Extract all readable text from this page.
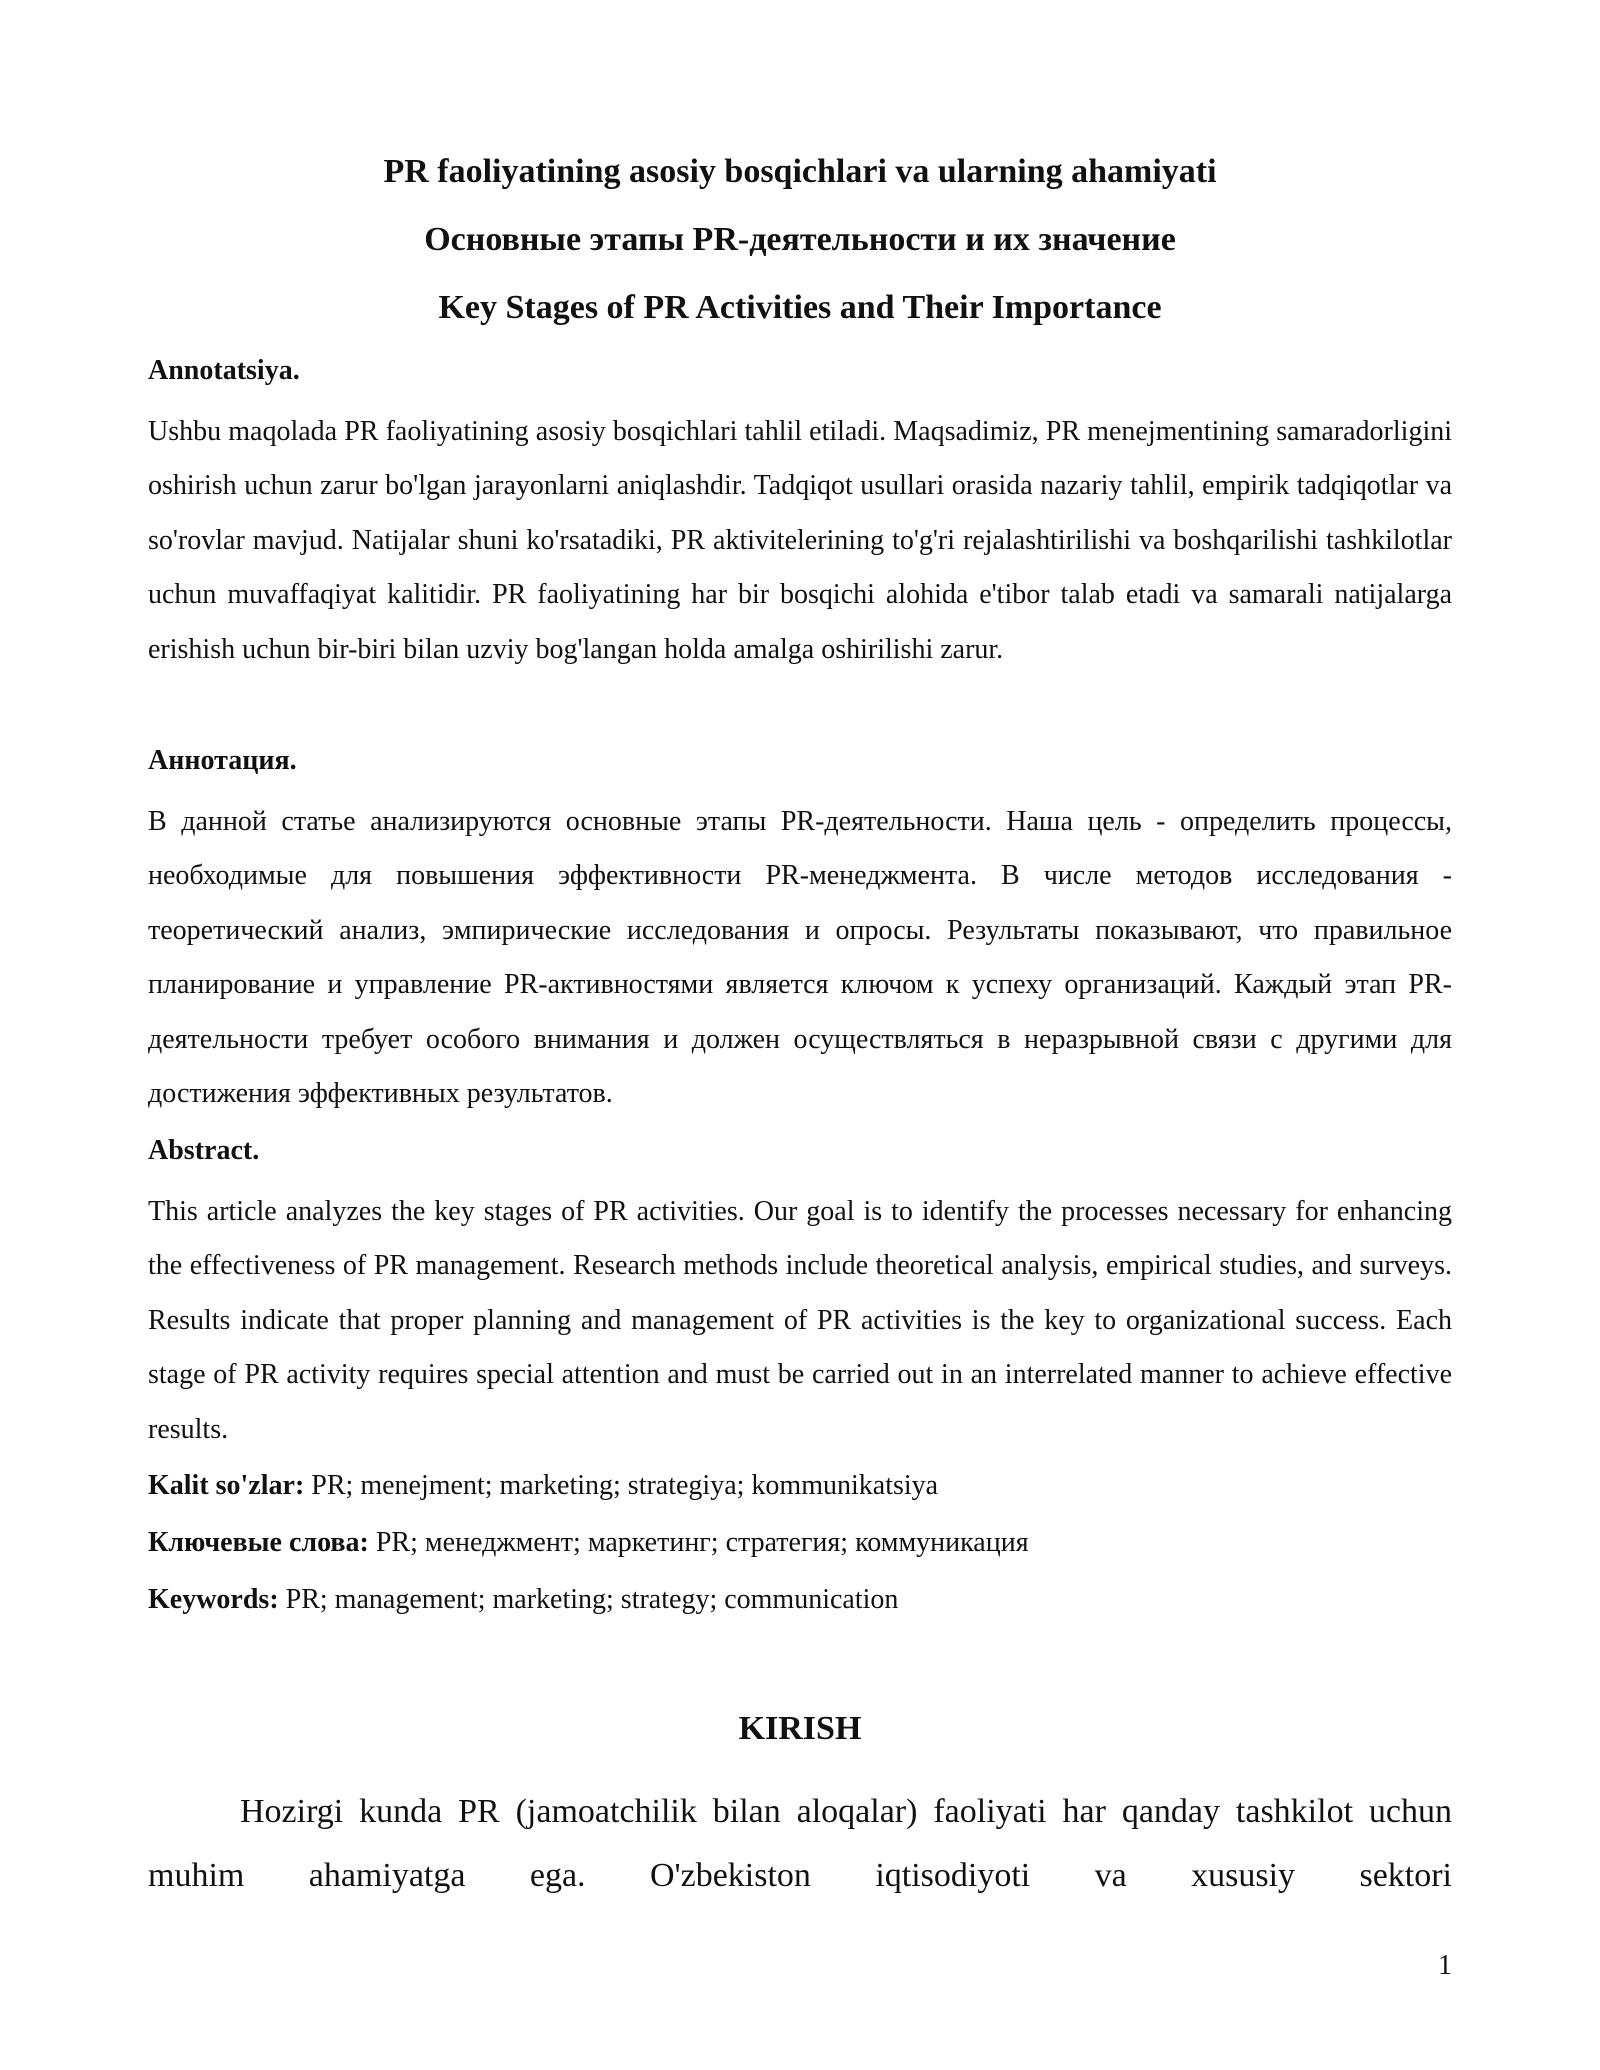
PR faoliyatining asosiy bosqichlari va ularning ahamiyati
Основные этапы PR-деятельности и их значение
Key Stages of PR Activities and Their Importance

Annotatsiya.

Ushbu maqolada PR faoliyatining asosiy bosqichlari tahlil etiladi. Maqsadimiz, PR menejmentining samaradorligini oshirish uchun zarur bo'lgan jarayonlarni aniqlashdir. Tadqiqot usullari orasida nazariy tahlil, empirik tadqiqotlar va so'rovlar mavjud. Natijalar shuni ko'rsatadiki, PR aktivitelerining to'g'ri rejalashtirilishi va boshqarilishi tashkilotlar uchun muvaffaqiyat kalitidir. PR faoliyatining har bir bosqichi alohida e'tibor talab etadi va samarali natijalarga erishish uchun bir-biri bilan uzviy bog'langan holda amalga oshirilishi zarur.

Аннотация.

В данной статье анализируются основные этапы PR-деятельности. Наша цель - определить процессы, необходимые для повышения эффективности PR-менеджмента. В числе методов исследования - теоретический анализ, эмпирические исследования и опросы. Результаты показывают, что правильное планирование и управление PR-активностями является ключом к успеху организаций. Каждый этап PR-деятельности требует особого внимания и должен осуществляться в неразрывной связи с другими для достижения эффективных результатов.

Abstract.

This article analyzes the key stages of PR activities. Our goal is to identify the processes necessary for enhancing the effectiveness of PR management. Research methods include theoretical analysis, empirical studies, and surveys. Results indicate that proper planning and management of PR activities is the key to organizational success. Each stage of PR activity requires special attention and must be carried out in an interrelated manner to achieve effective results.

Kalit so'zlar: PR; menejment; marketing; strategiya; kommunikatsiya

Ключевые слова: PR; менеджмент; маркетинг; стратегия; коммуникация

Keywords: PR; management; marketing; strategy; communication

KIRISH

Hozirgi kunda PR (jamoatchilik bilan aloqalar) faoliyati har qanday tashkilot uchun muhim ahamiyatga ega. O'zbekiston iqtisodiyoti va xususiy sektori

1
